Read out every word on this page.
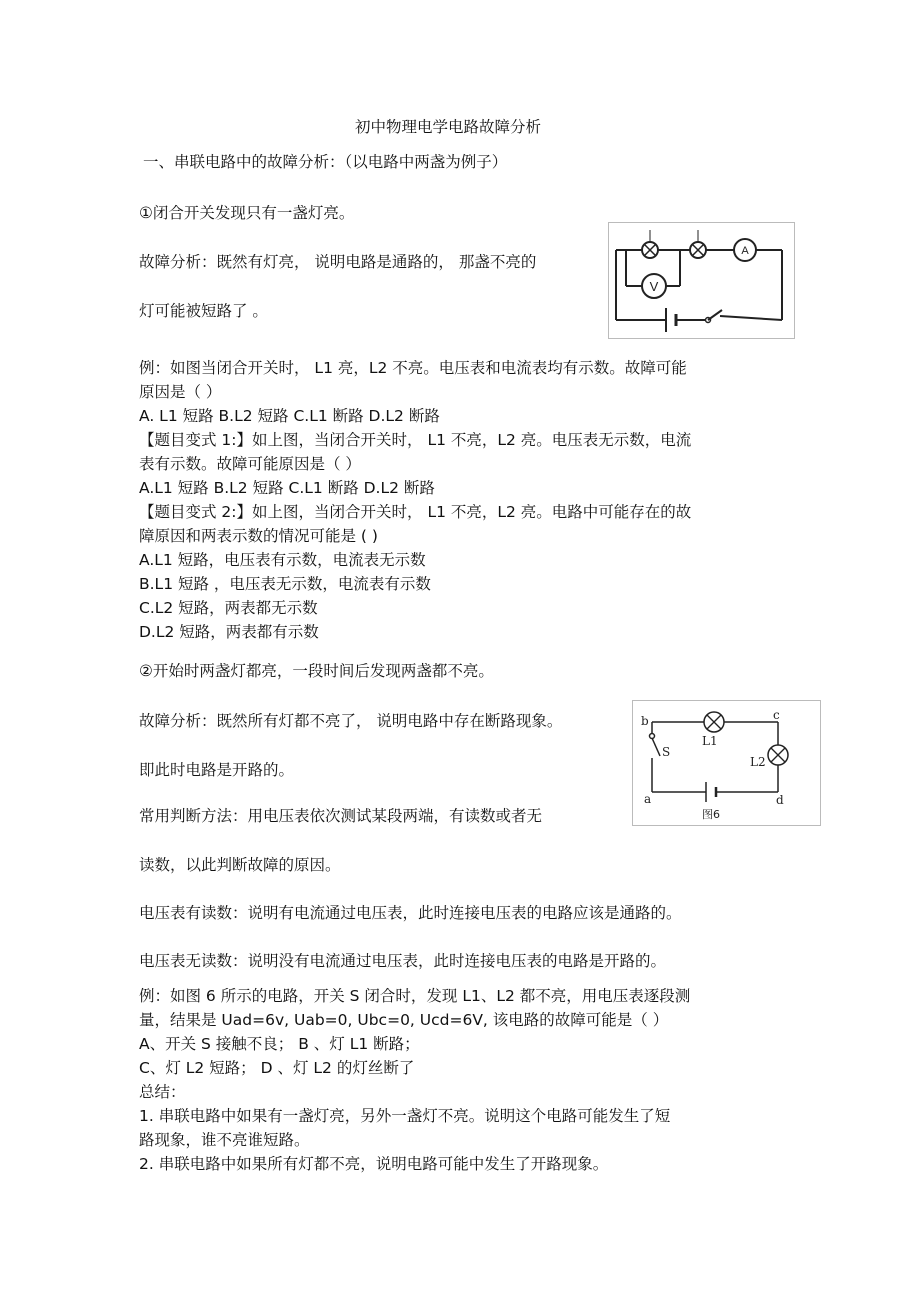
初中物理电学电路故障分析
一、串联电路中的故障分析：（以电路中两盏为例子）
①闭合开关发现只有一盏灯亮。
故障分析：既然有灯亮， 说明电路是通路的， 那盏不亮的
灯可能被短路了 。
A
V
例：如图当闭合开关时， L1 亮，L2 不亮。电压表和电流表均有示数。故障可能
原因是（ ）
A. L1 短路 B.L2 短路 C.L1 断路 D.L2 断路
【题目变式 1:】如上图，当闭合开关时， L1 不亮，L2 亮。电压表无示数，电流
表有示数。故障可能原因是（ ）
A.L1 短路 B.L2 短路 C.L1 断路 D.L2 断路
【题目变式 2:】如上图，当闭合开关时， L1 不亮，L2 亮。电路中可能存在的故
障原因和两表示数的情况可能是 ( )
A.L1 短路，电压表有示数，电流表无示数
B.L1 短路 ，电压表无示数，电流表有示数
C.L2 短路，两表都无示数
D.L2 短路，两表都有示数
②开始时两盏灯都亮，一段时间后发现两盏都不亮。
故障分析：既然所有灯都不亮了， 说明电路中存在断路现象。
即此时电路是开路的。
常用判断方法：用电压表依次测试某段两端，有读数或者无
读数，以此判断故障的原因。
b	c
a	d
S
L1
L2
图6
电压表有读数：说明有电流通过电压表，此时连接电压表的电路应该是通路的。
电压表无读数：说明没有电流通过电压表，此时连接电压表的电路是开路的。
例：如图 6 所示的电路，开关 S 闭合时，发现 L1、L2 都不亮，用电压表逐段测
量，结果是 Uad=6v, Uab=0, Ubc=0, Ucd=6V, 该电路的故障可能是（ ）
A、开关 S 接触不良； B 、灯 L1 断路；
C、灯 L2 短路； D 、灯 L2 的灯丝断了
总结：
1. 串联电路中如果有一盏灯亮，另外一盏灯不亮。说明这个电路可能发生了短
路现象，谁不亮谁短路。
2. 串联电路中如果所有灯都不亮，说明电路可能中发生了开路现象。
